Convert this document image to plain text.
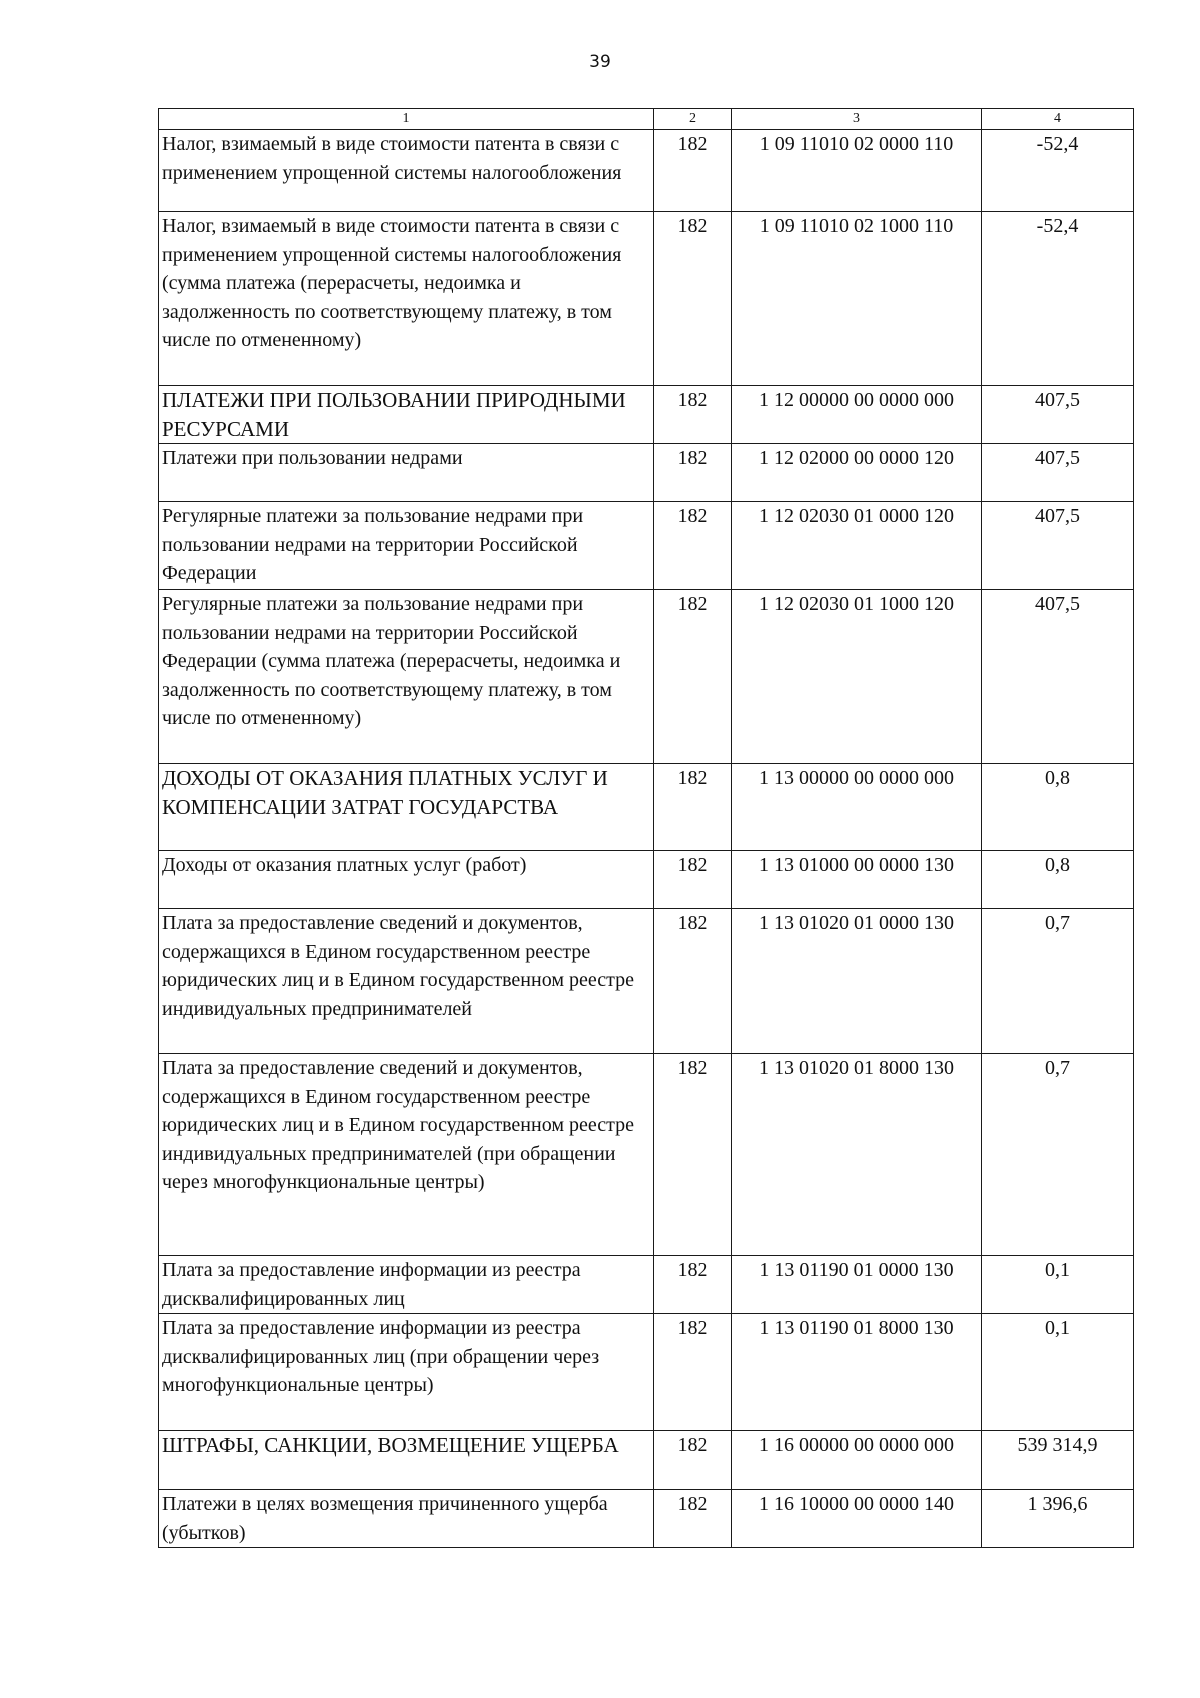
39
1	2	3	4
Налог, взимаемый в виде стоимости патента в связи с применением упрощенной системы налогообложения	182	1 09 11010 02 0000 110	-52,4
Налог, взимаемый в виде стоимости патента в связи с применением упрощенной системы налогообложения (сумма платежа (перерасчеты, недоимка и задолженность по соответствующему платежу, в том числе по отмененному)	182	1 09 11010 02 1000 110	-52,4
ПЛАТЕЖИ ПРИ ПОЛЬЗОВАНИИ ПРИРОДНЫМИ РЕСУРСАМИ	182	1 12 00000 00 0000 000	407,5
Платежи при пользовании недрами	182	1 12 02000 00 0000 120	407,5
Регулярные платежи за пользование недрами при пользовании недрами на территории Российской Федерации	182	1 12 02030 01 0000 120	407,5
Регулярные платежи за пользование недрами при пользовании недрами на территории Российской Федерации (сумма платежа (перерасчеты, недоимка и задолженность по соответствующему платежу, в том числе по отмененному)	182	1 12 02030 01 1000 120	407,5
ДОХОДЫ ОТ ОКАЗАНИЯ ПЛАТНЫХ УСЛУГ И КОМПЕНСАЦИИ ЗАТРАТ ГОСУДАРСТВА	182	1 13 00000 00 0000 000	0,8
Доходы от оказания платных услуг (работ)	182	1 13 01000 00 0000 130	0,8
Плата за предоставление сведений и документов, содержащихся в Едином государственном реестре юридических лиц и в Едином государственном реестре индивидуальных предпринимателей	182	1 13 01020 01 0000 130	0,7
Плата за предоставление сведений и документов, содержащихся в Едином государственном реестре юридических лиц и в Едином государственном реестре индивидуальных предпринимателей (при обращении через многофункциональные центры)	182	1 13 01020 01 8000 130	0,7
Плата за предоставление информации из реестра дисквалифицированных лиц	182	1 13 01190 01 0000 130	0,1
Плата за предоставление информации из реестра дисквалифицированных лиц (при обращении через многофункциональные центры)	182	1 13 01190 01 8000 130	0,1
ШТРАФЫ, САНКЦИИ, ВОЗМЕЩЕНИЕ УЩЕРБА	182	1 16 00000 00 0000 000	539 314,9
Платежи в целях возмещения причиненного ущерба (убытков)	182	1 16 10000 00 0000 140	1 396,6
